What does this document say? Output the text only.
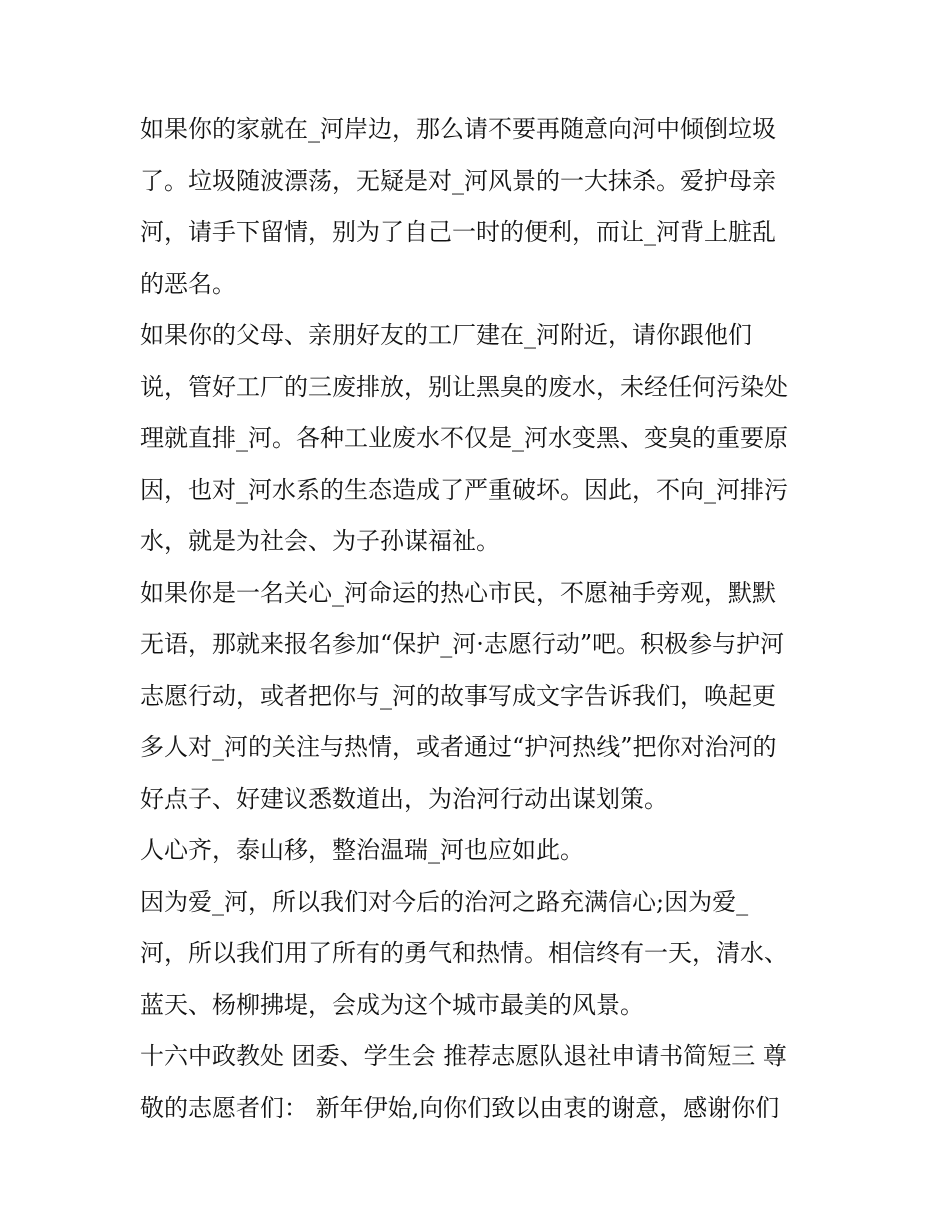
如果你的家就在_河岸边，那么请不要再随意向河中倾倒垃圾
了。垃圾随波漂荡，无疑是对_河风景的一大抹杀。爱护母亲
河，请手下留情，别为了自己一时的便利，而让_河背上脏乱
的恶名。
如果你的父母、亲朋好友的工厂建在_河附近，请你跟他们
说，管好工厂的三废排放，别让黑臭的废水，未经任何污染处
理就直排_河。各种工业废水不仅是_河水变黑、变臭的重要原
因，也对_河水系的生态造成了严重破坏。因此，不向_河排污
水，就是为社会、为子孙谋福祉。
如果你是一名关心_河命运的热心市民，不愿袖手旁观，默默
无语，那就来报名参加“保护_河·志愿行动”吧。积极参与护河
志愿行动，或者把你与_河的故事写成文字告诉我们，唤起更
多人对_河的关注与热情，或者通过“护河热线”把你对治河的
好点子、好建议悉数道出，为治河行动出谋划策。
人心齐，泰山移，整治温瑞_河也应如此。
因为爱_河，所以我们对今后的治河之路充满信心;因为爱_
河，所以我们用了所有的勇气和热情。相信终有一天，清水、
蓝天、杨柳拂堤，会成为这个城市最美的风景。
十六中政教处 团委、学生会 推荐志愿队退社申请书简短三 尊
敬的志愿者们： 新年伊始,向你们致以由衷的谢意，感谢你们
